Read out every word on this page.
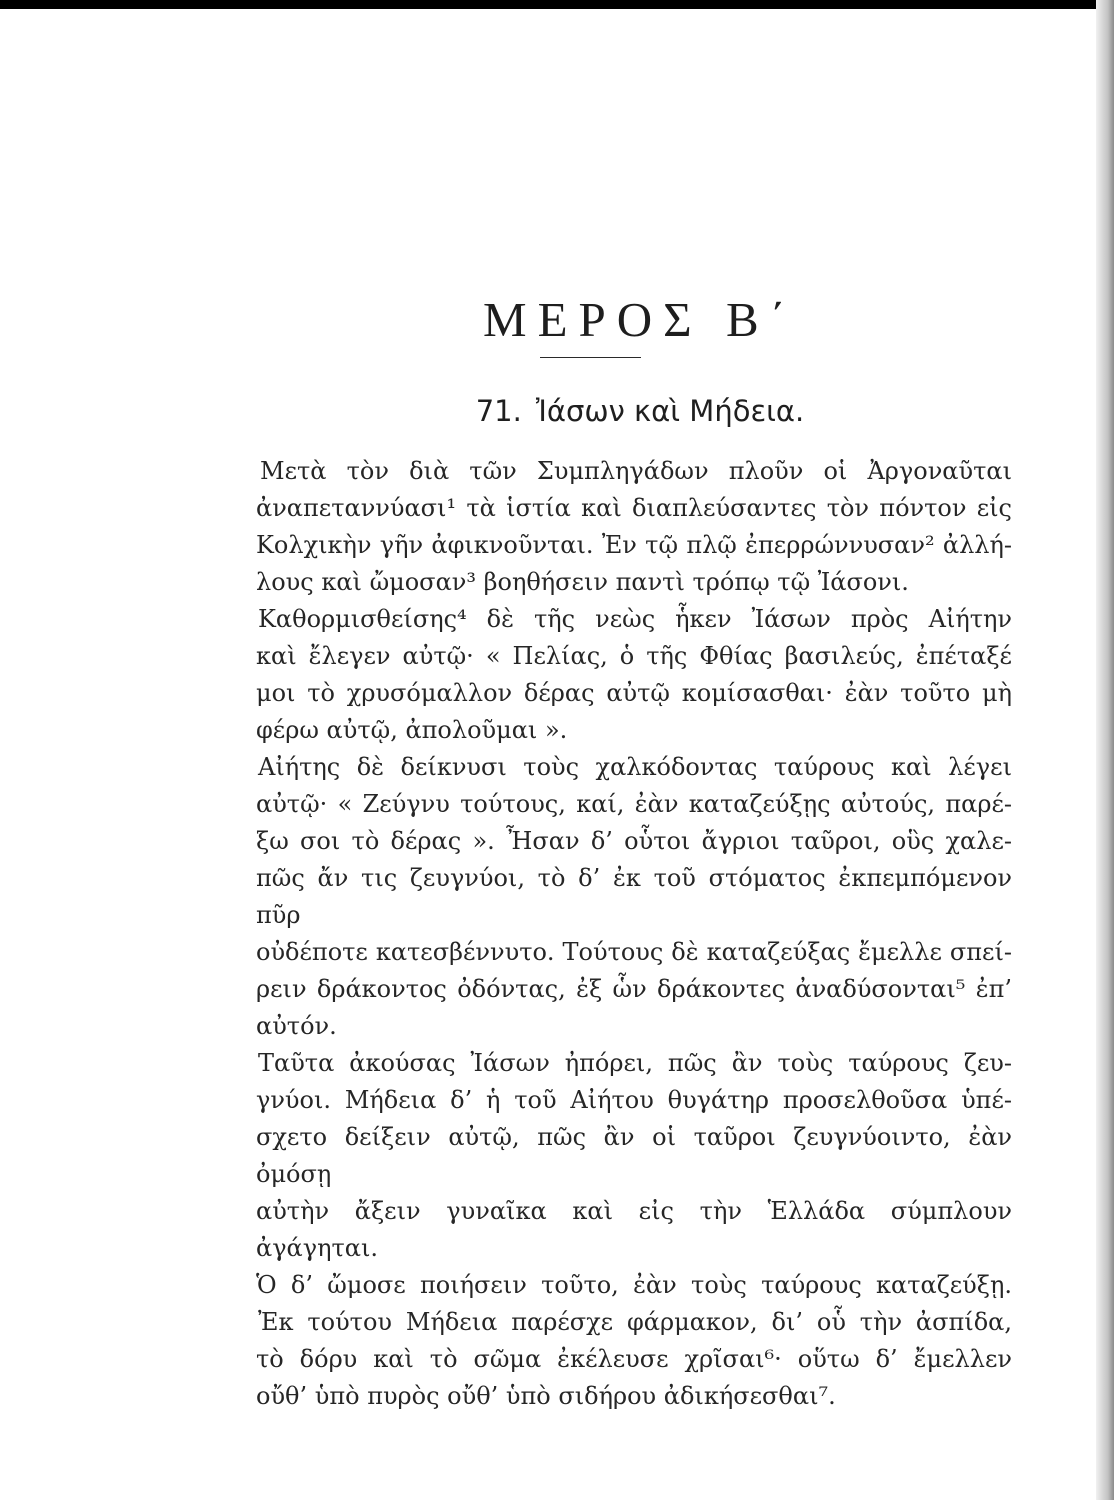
ΜΕΡΟΣ Β΄
71. Ἰάσων καὶ Μήδεια.

Μετὰ τὸν διὰ τῶν Συμπληγάδων πλοῦν οἱ Ἀργοναῦται
ἀναπεταννύασι¹ τὰ ἱστία καὶ διαπλεύσαντες τὸν πόντον εἰς
Κολχικὴν γῆν ἀφικνοῦνται. Ἐν τῷ πλῷ ἐπερρώννυσαν² ἀλλή-
λους καὶ ὤμοσαν³ βοηθήσειν παντὶ τρόπῳ τῷ Ἰάσονι.

Καθορμισθείσης⁴ δὲ τῆς νεὼς ἧκεν Ἰάσων πρὸς Αἰήτην
καὶ ἔλεγεν αὐτῷ· « Πελίας, ὁ τῆς Φθίας βασιλεύς, ἐπέταξέ
μοι τὸ χρυσόμαλλον δέρας αὐτῷ κομίσασθαι· ἐὰν τοῦτο μὴ
φέρω αὐτῷ, ἀπολοῦμαι ».

Αἰήτης δὲ δείκνυσι τοὺς χαλκόδοντας ταύρους καὶ λέγει
αὐτῷ· « Ζεύγνυ τούτους, καί, ἐὰν καταζεύξῃς αὐτούς, παρέ-
ξω σοι τὸ δέρας ». Ἦσαν δ’ οὗτοι ἄγριοι ταῦροι, οὓς χαλε-
πῶς ἄν τις ζευγνύοι, τὸ δ’ ἐκ τοῦ στόματος ἐκπεμπόμενον πῦρ
οὐδέποτε κατεσβέννυτο. Τούτους δὲ καταζεύξας ἔμελλε σπεί-
ρειν δράκοντος ὀδόντας, ἐξ ὧν δράκοντες ἀναδύσονται⁵ ἐπ’
αὐτόν.

Ταῦτα ἀκούσας Ἰάσων ἠπόρει, πῶς ἂν τοὺς ταύρους ζευ-
γνύοι. Μήδεια δ’ ἡ τοῦ Αἰήτου θυγάτηρ προσελθοῦσα ὑπέ-
σχετο δείξειν αὐτῷ, πῶς ἂν οἱ ταῦροι ζευγνύοιντο, ἐὰν ὀμόσῃ
αὐτὴν ἄξειν γυναῖκα καὶ εἰς τὴν Ἑλλάδα σύμπλουν ἀγάγηται.
Ὁ δ’ ὤμοσε ποιήσειν τοῦτο, ἐὰν τοὺς ταύρους καταζεύξῃ.

Ἐκ τούτου Μήδεια παρέσχε φάρμακον, δι’ οὗ τὴν ἀσπίδα,
τὸ δόρυ καὶ τὸ σῶμα ἐκέλευσε χρῖσαι⁶· οὕτω δ’ ἔμελλεν
οὔθ’ ὑπὸ πυρὸς οὔθ’ ὑπὸ σιδήρου ἀδικήσεσθαι⁷.
